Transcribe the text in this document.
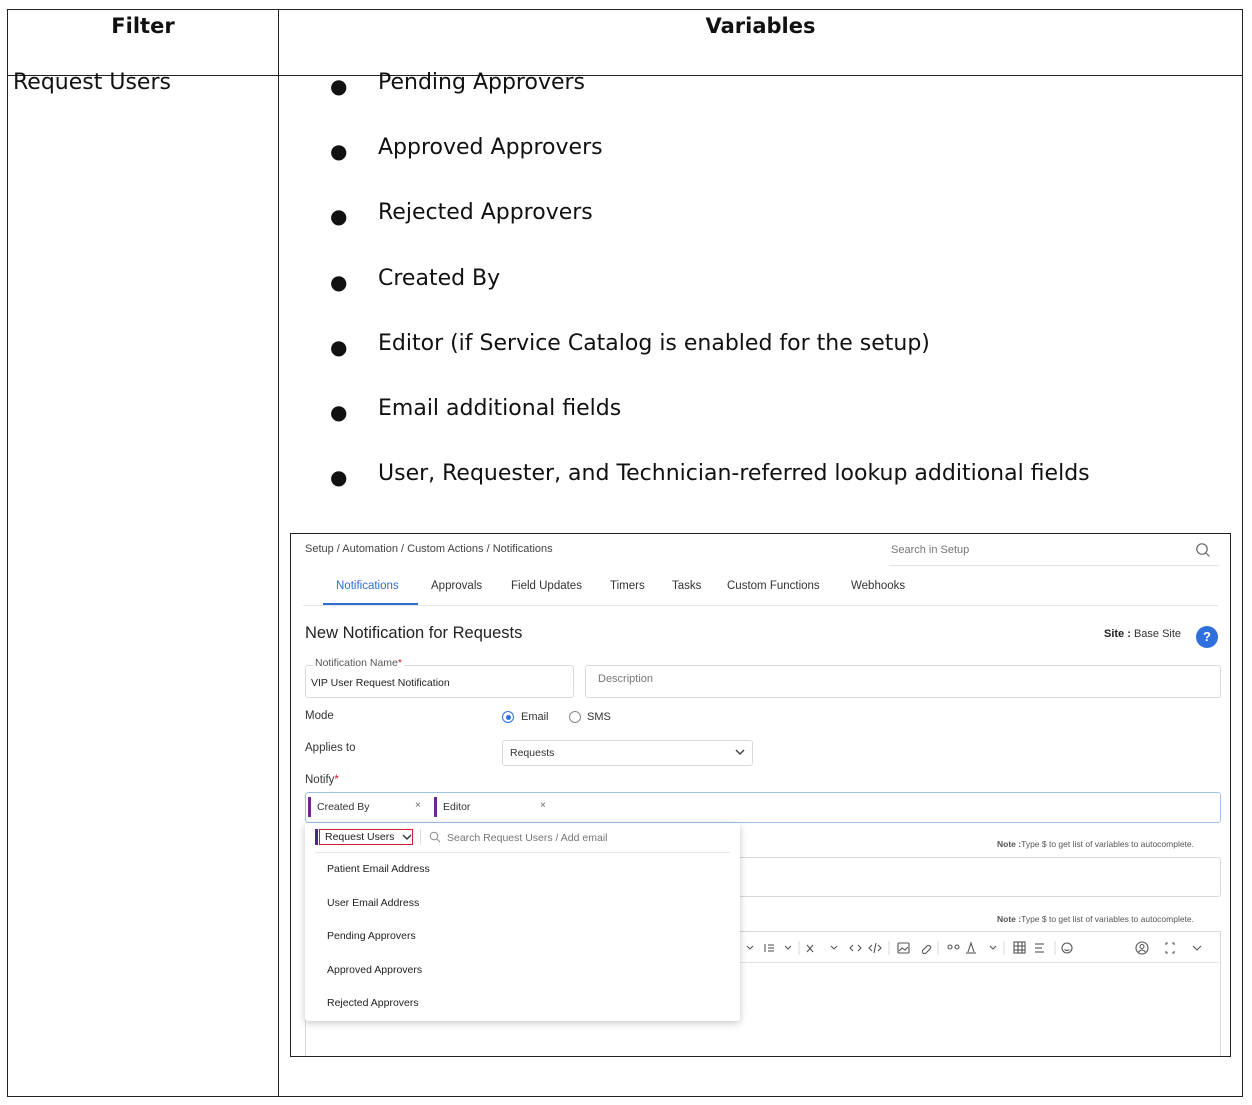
Filter	Variables
Request Users	● Pending Approvers
● Approved Approvers
● Rejected Approvers
● Created By
● Editor (if Service Catalog is enabled for the setup)
● Email additional fields
● User, Requester, and Technician-referred lookup additional fields
Setup / Automation / Custom Actions / Notifications
Search in Setup
Notifications	Approvals	Field Updates Timers Tasks Custom Functions	Webhooks
New Notification for Requests	Site : Base Site	?
Notification Name*
VIP User Request Notification	Description
Mode	Email	SMS
Applies to	Requests
Notify*
Created By	× Editor	×
Note :Type $ to get list of variables to autocomplete.
Note :Type $ to get list of variables to autocomplete.
Request Users
Search Request Users / Add email
Patient Email Address
User Email Address
Pending Approvers
Approved Approvers
Rejected Approvers
